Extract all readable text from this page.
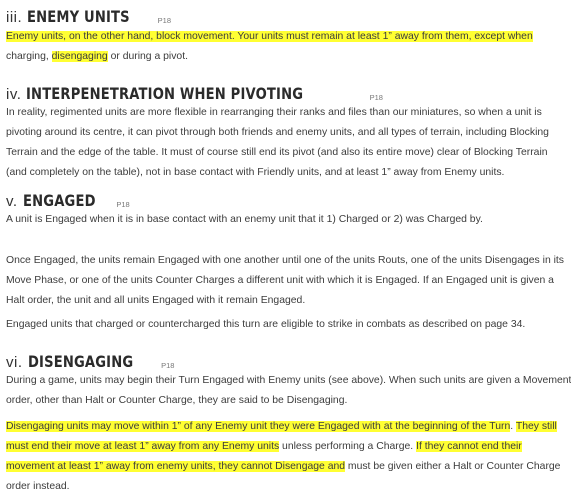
iii. ENEMY UNITS	P18
Enemy units, on the other hand, block movement. Your units must remain at least 1” away from them, except when
charging, disengaging or during a pivot.
iv. INTERPENETRATION WHEN PIVOTING	P18
In reality, regimented units are more flexible in rearranging their ranks and files than our miniatures, so when a unit is
pivoting around its centre, it can pivot through both friends and enemy units, and all types of terrain, including Blocking
Terrain and the edge of the table. It must of course still end its pivot (and also its entire move) clear of Blocking Terrain
(and completely on the table), not in base contact with Friendly units, and at least 1” away from Enemy units.
v. ENGAGED	P18
A unit is Engaged when it is in base contact with an enemy unit that it 1) Charged or 2) was Charged by.
Once Engaged, the units remain Engaged with one another until one of the units Routs, one of the units Disengages in its
Move Phase, or one of the units Counter Charges a different unit with which it is Engaged. If an Engaged unit is given a
Halt order, the unit and all units Engaged with it remain Engaged.
Engaged units that charged or countercharged this turn are eligible to strike in combats as described on page 34.
vi. DISENGAGING	P18
During a game, units may begin their Turn Engaged with Enemy units (see above). When such units are given a Movement
order, other than Halt or Counter Charge, they are said to be Disengaging.
Disengaging units may move within 1” of any Enemy unit they were Engaged with at the beginning of the Turn. They still
must end their move at least 1” away from any Enemy units unless performing a Charge. If they cannot end their
movement at least 1” away from enemy units, they cannot Disengage and must be given either a Halt or Counter Charge
order instead.
